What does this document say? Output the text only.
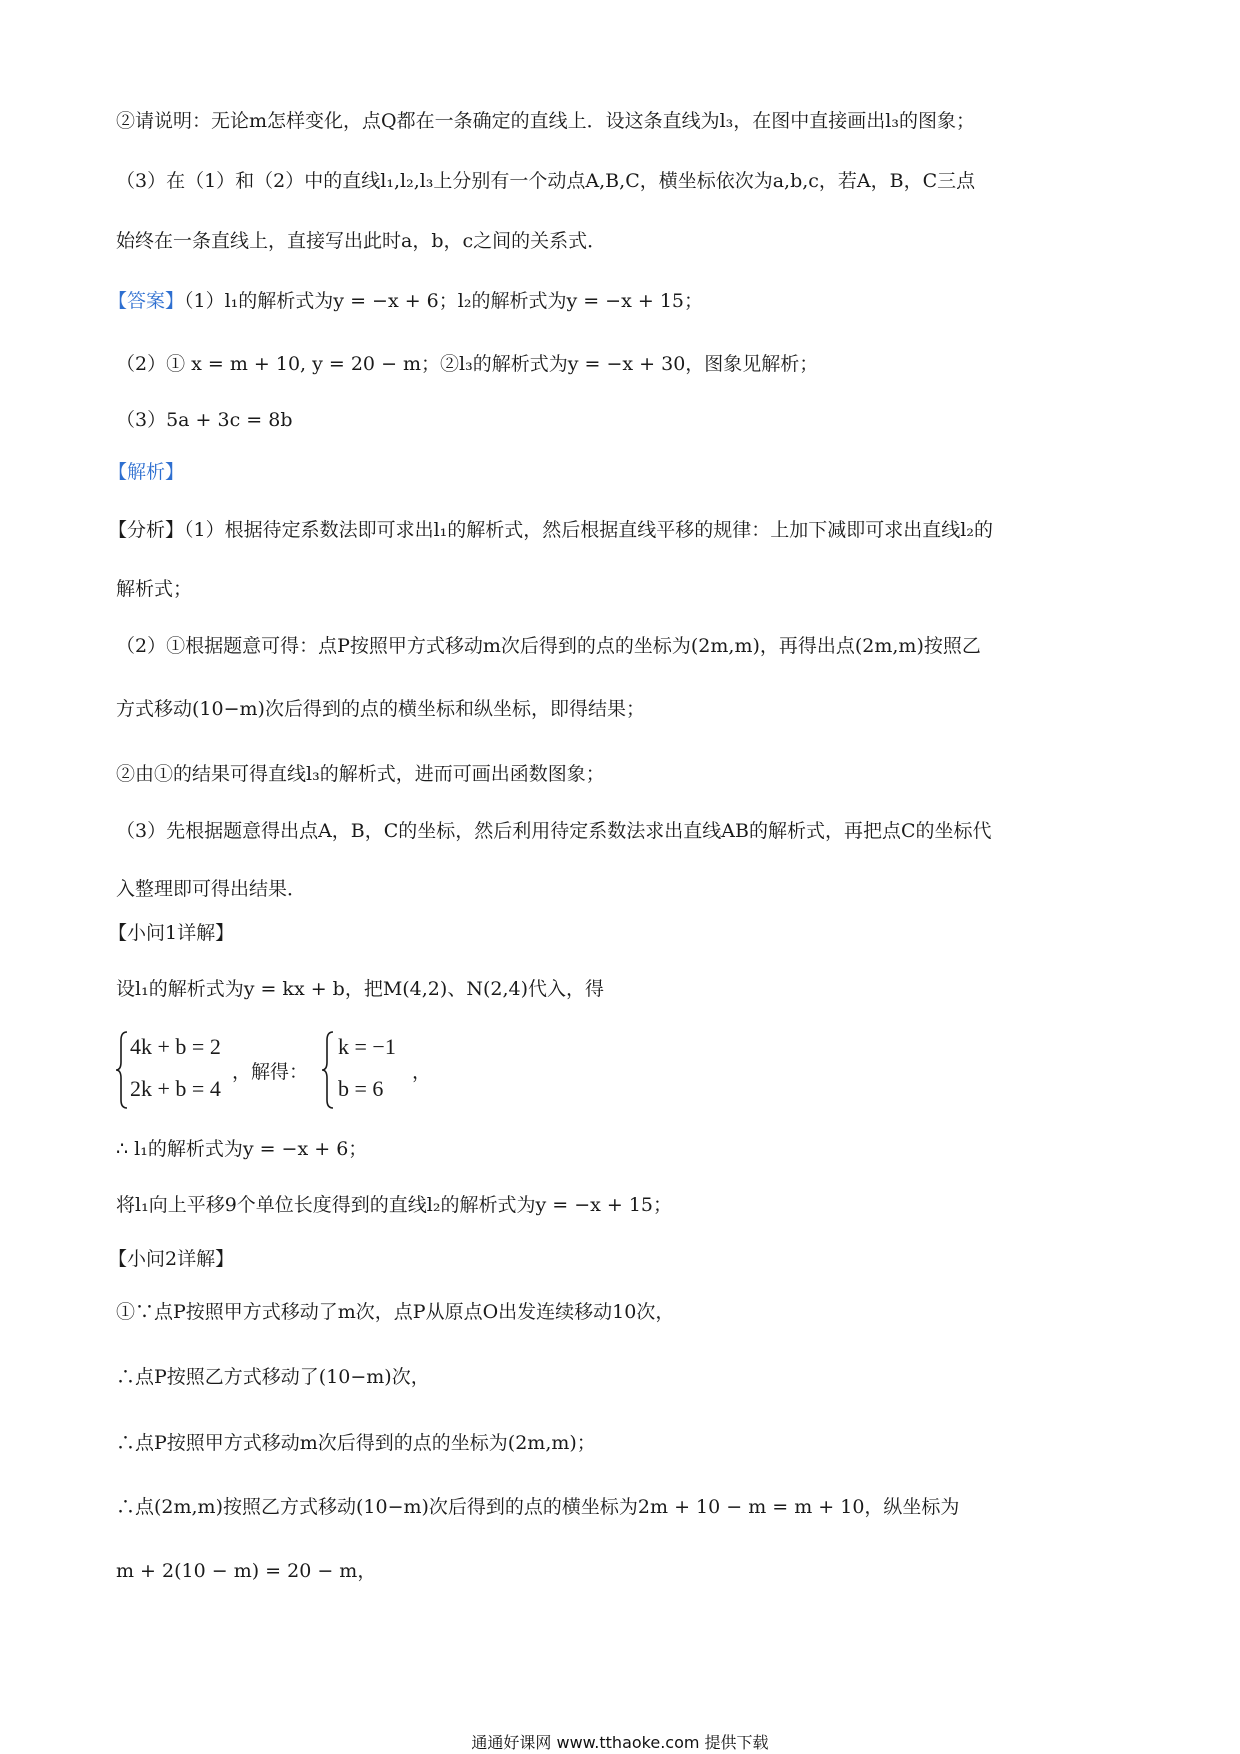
②请说明：无论m怎样变化，点Q都在一条确定的直线上．设这条直线为l₃，在图中直接画出l₃的图象；
（3）在（1）和（2）中的直线l₁,l₂,l₃上分别有一个动点A,B,C，横坐标依次为a,b,c，若A，B，C三点
始终在一条直线上，直接写出此时a，b，c之间的关系式．
【答案】（1）l₁的解析式为y = −x + 6；l₂的解析式为y = −x + 15；
（2）① x = m + 10, y = 20 − m；②l₃的解析式为y = −x + 30，图象见解析；
（3）5a + 3c = 8b
【解析】
【分析】（1）根据待定系数法即可求出l₁的解析式，然后根据直线平移的规律：上加下减即可求出直线l₂的
解析式；
（2）①根据题意可得：点P按照甲方式移动m次后得到的点的坐标为(2m,m)，再得出点(2m,m)按照乙
方式移动(10−m)次后得到的点的横坐标和纵坐标，即得结果；
②由①的结果可得直线l₃的解析式，进而可画出函数图象；
（3）先根据题意得出点A，B，C的坐标，然后利用待定系数法求出直线AB的解析式，再把点C的坐标代
入整理即可得出结果．
【小问1详解】
设l₁的解析式为y = kx + b，把M(4,2)、N(2,4)代入，得
4k + b = 2
2k + b = 4
，解得：
k = −1
b = 6
，
∴ l₁的解析式为y = −x + 6；
将l₁向上平移9个单位长度得到的直线l₂的解析式为y = −x + 15；
【小问2详解】
①∵点P按照甲方式移动了m次，点P从原点O出发连续移动10次，
∴点P按照乙方式移动了(10−m)次，
∴点P按照甲方式移动m次后得到的点的坐标为(2m,m)；
∴点(2m,m)按照乙方式移动(10−m)次后得到的点的横坐标为2m + 10 − m = m + 10，纵坐标为
m + 2(10 − m) = 20 − m，
通通好课网 www.tthaoke.com 提供下载
